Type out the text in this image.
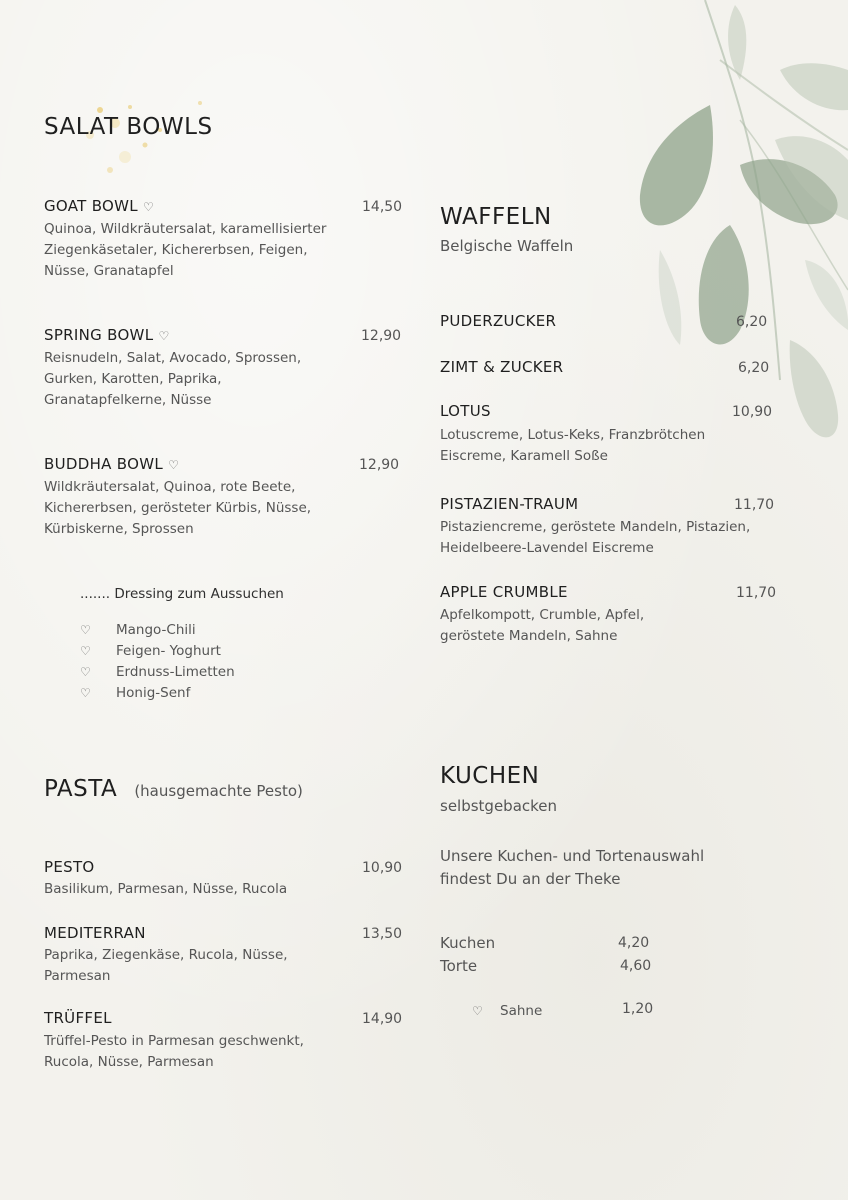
SALAT BOWLS
GOAT BOWL ♡	14,50
Quinoa, Wildkräutersalat, karamellisierter Ziegenkäsetaler, Kichererbsen, Feigen, Nüsse, Granatapfel
SPRING BOWL ♡	12,90
Reisnudeln, Salat, Avocado, Sprossen, Gurken, Karotten, Paprika, Granatapfelkerne, Nüsse
BUDDHA BOWL ♡	12,90
Wildkräutersalat, Quinoa, rote Beete, Kichererbsen, gerösteter Kürbis, Nüsse, Kürbiskerne, Sprossen
....... Dressing zum Aussuchen
♡ Mango-Chili
♡ Feigen- Yoghurt
♡ Erdnuss-Limetten
♡ Honig-Senf
PASTA (hausgemachte Pesto)
PESTO	10,90
Basilikum, Parmesan, Nüsse, Rucola
MEDITERRAN	13,50
Paprika, Ziegenkäse, Rucola, Nüsse, Parmesan
TRÜFFEL	14,90
Trüffel-Pesto in Parmesan geschwenkt, Rucola, Nüsse, Parmesan
WAFFELN
Belgische Waffeln
PUDERZUCKER	6,20
ZIMT & ZUCKER	6,20
LOTUS	10,90
Lotuscreme, Lotus-Keks, Franzbrötchen Eiscreme, Karamell Soße
PISTAZIEN-TRAUM	11,70
Pistaziencreme, geröstete Mandeln, Pistazien, Heidelbeere-Lavendel Eiscreme
APPLE CRUMBLE	11,70
Apfelkompott, Crumble, Apfel, geröstete Mandeln, Sahne
KUCHEN
selbstgebacken
Unsere Kuchen- und Tortenauswahl findest Du an der Theke
Kuchen	4,20
Torte	4,60
♡ Sahne	1,20
